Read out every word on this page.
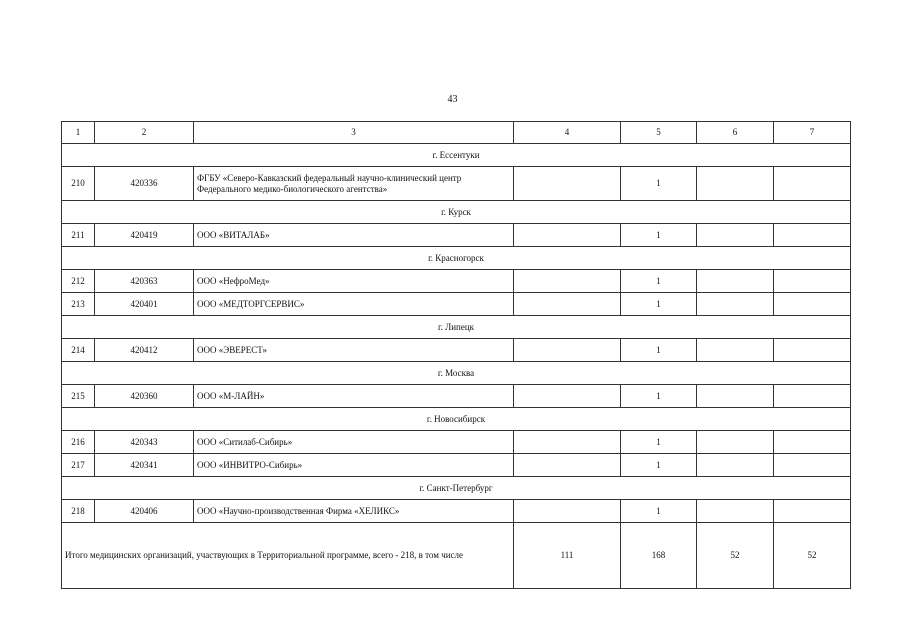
43
1	2	3	4	5	6	7
г. Ессентуки						
210	420336	ФГБУ «Северо-Кавказский федеральный научно-клинический центр Федерального медико-биологического агентства»		1		
г. Курск						
211	420419	ООО «ВИТАЛАБ»		1		
г. Красногорск						
212	420363	ООО «НефроМед»		1		
213	420401	ООО «МЕДТОРГСЕРВИС»		1		
г. Липецк						
214	420412	ООО «ЭВЕРЕСТ»		1		
г. Москва						
215	420360	ООО «М-ЛАЙН»		1		
г. Новосибирск						
216	420343	ООО «Ситилаб-Сибирь»		1		
217	420341	ООО «ИНВИТРО-Сибирь»		1		
г. Санкт-Петербург						
218	420406	ООО «Научно-производственная Фирма «ХЕЛИКС»		1		
Итого медицинских организаций, участвующих в Территориальной программе, всего - 218, в том числе			111	168	52	52
